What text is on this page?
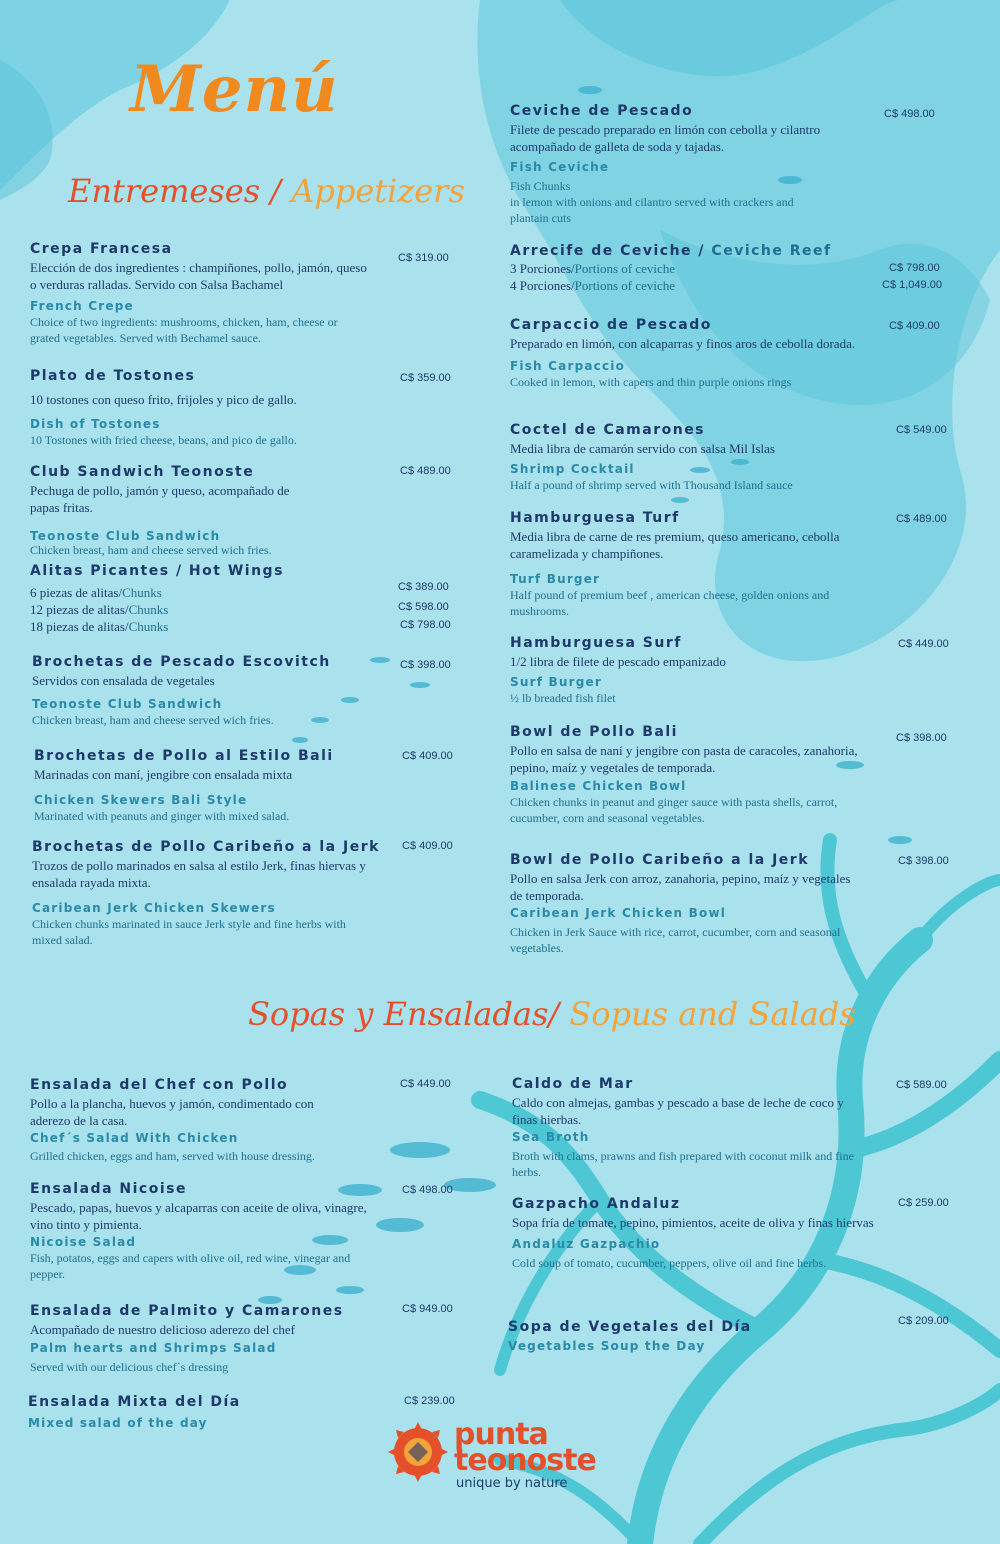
Menú
Entremeses / Appetizers
Crepa Francesa
Elección de dos ingredientes : champiñones, pollo, jamón, queso o verduras ralladas. Servido con Salsa Bachamel
French Crepe
Choice of two ingredients: mushrooms, chicken, ham, cheese or grated vegetables. Served with Bechamel sauce.
C$ 319.00
Plato de Tostones
10 tostones con queso frito, frijoles y pico de gallo.
Dish of Tostones
10 Tostones with fried cheese, beans, and pico de gallo.
C$ 359.00
Club Sandwich Teonoste
Pechuga de pollo, jamón y queso, acompañado de papas fritas.
Teonoste Club Sandwich
Chicken breast, ham and cheese served wich fries.
C$ 489.00
Alitas Picantes / Hot Wings
6 piezas de alitas / Chunks
12 piezas de alitas / Chunks
18 piezas de alitas / Chunks
C$ 389.00
C$ 598.00
C$ 798.00
Brochetas de Pescado Escovitch
Servidos con ensalada de vegetales
Teonoste Club Sandwich
Chicken breast, ham and cheese served wich fries.
C$ 398.00
Brochetas de Pollo al Estilo Bali
Marinadas con maní, jengibre con ensalada mixta
Chicken Skewers Bali Style
Marinated with peanuts and ginger with mixed salad.
C$ 409.00
Brochetas de Pollo Caribeño a la Jerk
Trozos de pollo marinados en salsa al estilo Jerk, finas hiervas y ensalada rayada mixta.
Caribean Jerk Chicken Skewers
Chicken chunks marinated in sauce Jerk style and fine herbs with mixed salad.
C$ 409.00
Ceviche de Pescado
Filete de pescado preparado en limón con cebolla y cilantro acompañado de galleta de soda y tajadas.
Fish Ceviche
Fish Chunks
in lemon with onions and cilantro served with crackers and plantain cuts
C$ 498.00
Arrecife de Ceviche / Ceviche Reef
3 Porciones / Portions of ceviche
4 Porciones / Portions of ceviche
C$ 798.00
C$ 1,049.00
Carpaccio de Pescado
Preparado en limón, con alcaparras y finos aros de cebolla dorada.
Fish Carpaccio
Cooked in lemon, with capers and thin purple onions rings
C$ 409.00
Coctel de Camarones
Media libra de camarón servido con salsa Mil Islas
Shrimp Cocktail
Half a pound of shrimp served with Thousand Island sauce
C$ 549.00
Hamburguesa Turf
Media libra de carne de res premium, queso americano, cebolla caramelizada y champiñones.
Turf Burger
Half pound of premium beef , american cheese, golden onions and mushrooms.
C$ 489.00
Hamburguesa Surf
1/2 libra de filete de pescado empanizado
Surf Burger
½ lb breaded fish filet
C$ 449.00
Bowl de Pollo Bali
Pollo en salsa de naní y jengibre con pasta de caracoles, zanahoria, pepino, maíz y vegetales de temporada.
Balinese Chicken Bowl
Chicken chunks in peanut and ginger sauce with pasta shells, carrot, cucumber, corn and seasonal vegetables.
C$ 398.00
Bowl de Pollo Caribeño a la Jerk
Pollo en salsa Jerk con arroz, zanahoria, pepino, maíz y vegetales de temporada.
Caribean Jerk Chicken Bowl
Chicken in Jerk Sauce with rice, carrot, cucumber, corn and seasonal vegetables.
C$ 398.00
Sopas y Ensaladas/ Sopus and Salads
Ensalada del Chef con Pollo
Pollo a la plancha, huevos y jamón, condimentado con aderezo de la casa.
Chef´s Salad With Chicken
Grilled chicken, eggs and ham, served with house dressing.
C$ 449.00
Ensalada Nicoise
Pescado, papas, huevos y alcaparras con aceite de oliva, vinagre, vino tinto y pimienta.
Nicoise Salad
Fish, potatos, eggs and capers with olive oil, red wine, vinegar and pepper.
C$ 498.00
Ensalada de Palmito y Camarones
Acompañado de nuestro delicioso aderezo del chef
Palm hearts and Shrimps Salad
Served with our delicious chef´s dressing
C$ 949.00
Ensalada Mixta del Día
Mixed salad of the day
C$ 239.00
Caldo de Mar
Caldo con almejas, gambas y pescado a base de leche de coco y finas hierbas.
Sea Broth
Broth with clams, prawns and fish prepared with coconut milk and fine herbs.
C$ 589.00
Gazpacho Andaluz
Sopa fría de tomate, pepino, pimientos, aceite de oliva y finas hiervas
Andaluz Gazpachio
Cold soup of tomato, cucumber, peppers, olive oil and fine herbs.
C$ 259.00
Sopa de Vegetales del Día
Vegetables Soup the Day
C$ 209.00
punta
teonoste
unique by nature
